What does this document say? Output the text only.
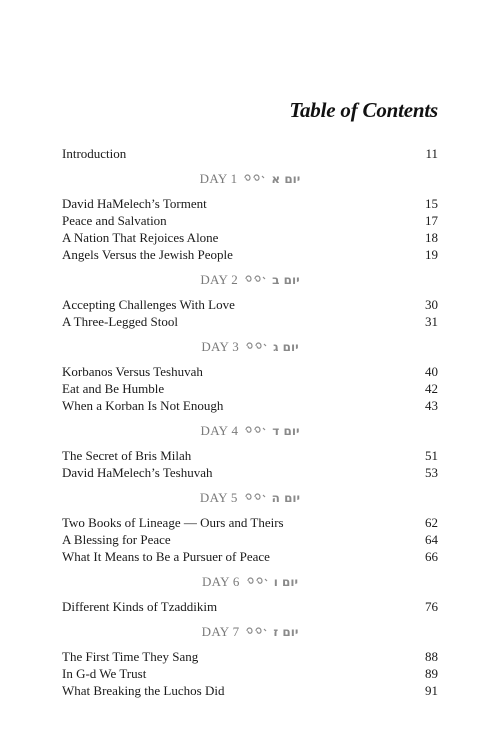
Table of Contents
Introduction	11
DAY 1	יום א
David HaMelech’s Torment	15
Peace and Salvation	17
A Nation That Rejoices Alone	18
Angels Versus the Jewish People	19
DAY 2	יום ב
Accepting Challenges With Love	30
A Three-Legged Stool	31
DAY 3	יום ג
Korbanos Versus Teshuvah	40
Eat and Be Humble	42
When a Korban Is Not Enough	43
DAY 4	יום ד
The Secret of Bris Milah	51
David HaMelech’s Teshuvah	53
DAY 5	יום ה
Two Books of Lineage — Ours and Theirs	62
A Blessing for Peace	64
What It Means to Be a Pursuer of Peace	66
DAY 6	יום ו
Different Kinds of Tzaddikim	76
DAY 7	יום ז
The First Time They Sang	88
In G-d We Trust	89
What Breaking the Luchos Did	91
